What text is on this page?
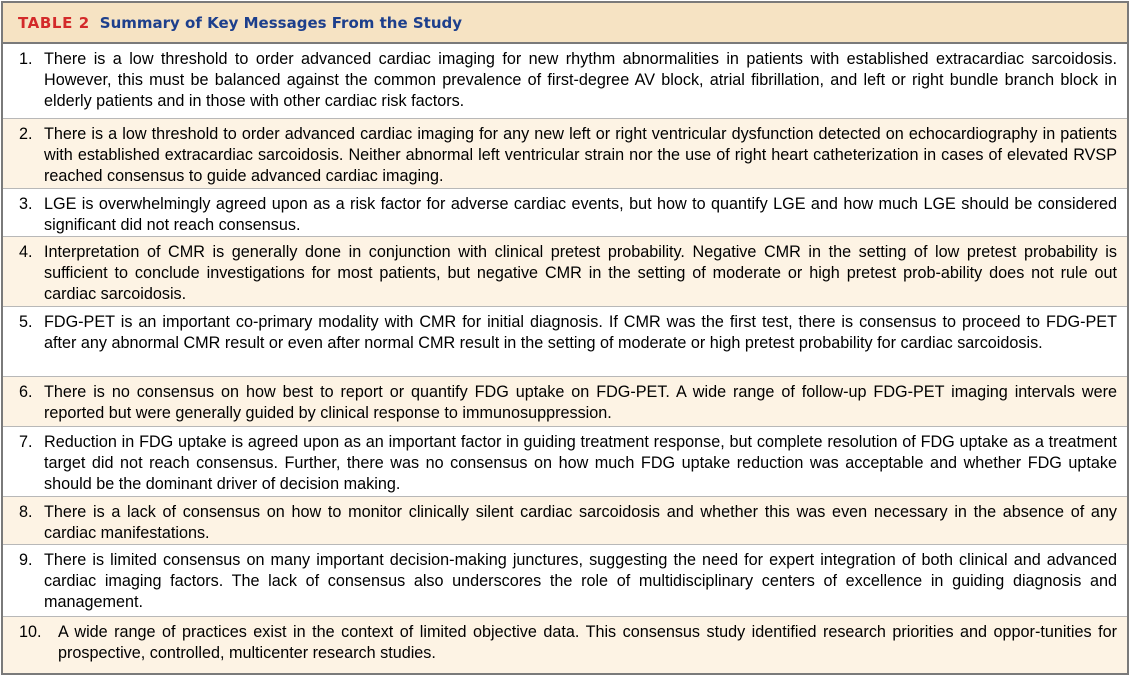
TABLE 2 Summary of Key Messages From the Study
1. There is a low threshold to order advanced cardiac imaging for new rhythm abnormalities in patients with established extracardiac sarcoidosis. However, this must be balanced against the common prevalence of first-degree AV block, atrial fibrillation, and left or right bundle branch block in elderly patients and in those with other cardiac risk factors.
2. There is a low threshold to order advanced cardiac imaging for any new left or right ventricular dysfunction detected on echocardiography in patients with established extracardiac sarcoidosis. Neither abnormal left ventricular strain nor the use of right heart catheterization in cases of elevated RVSP reached consensus to guide advanced cardiac imaging.
3. LGE is overwhelmingly agreed upon as a risk factor for adverse cardiac events, but how to quantify LGE and how much LGE should be considered significant did not reach consensus.
4. Interpretation of CMR is generally done in conjunction with clinical pretest probability. Negative CMR in the setting of low pretest probability is sufficient to conclude investigations for most patients, but negative CMR in the setting of moderate or high pretest prob-ability does not rule out cardiac sarcoidosis.
5. FDG-PET is an important co-primary modality with CMR for initial diagnosis. If CMR was the first test, there is consensus to proceed to FDG-PET after any abnormal CMR result or even after normal CMR result in the setting of moderate or high pretest probability for cardiac sarcoidosis.
6. There is no consensus on how best to report or quantify FDG uptake on FDG-PET. A wide range of follow-up FDG-PET imaging intervals were reported but were generally guided by clinical response to immunosuppression.
7. Reduction in FDG uptake is agreed upon as an important factor in guiding treatment response, but complete resolution of FDG uptake as a treatment target did not reach consensus. Further, there was no consensus on how much FDG uptake reduction was acceptable and whether FDG uptake should be the dominant driver of decision making.
8. There is a lack of consensus on how to monitor clinically silent cardiac sarcoidosis and whether this was even necessary in the absence of any cardiac manifestations.
9. There is limited consensus on many important decision-making junctures, suggesting the need for expert integration of both clinical and advanced cardiac imaging factors. The lack of consensus also underscores the role of multidisciplinary centers of excellence in guiding diagnosis and management.
10.	A wide range of practices exist in the context of limited objective data. This consensus study identified research priorities and oppor-tunities for prospective, controlled, multicenter research studies.
